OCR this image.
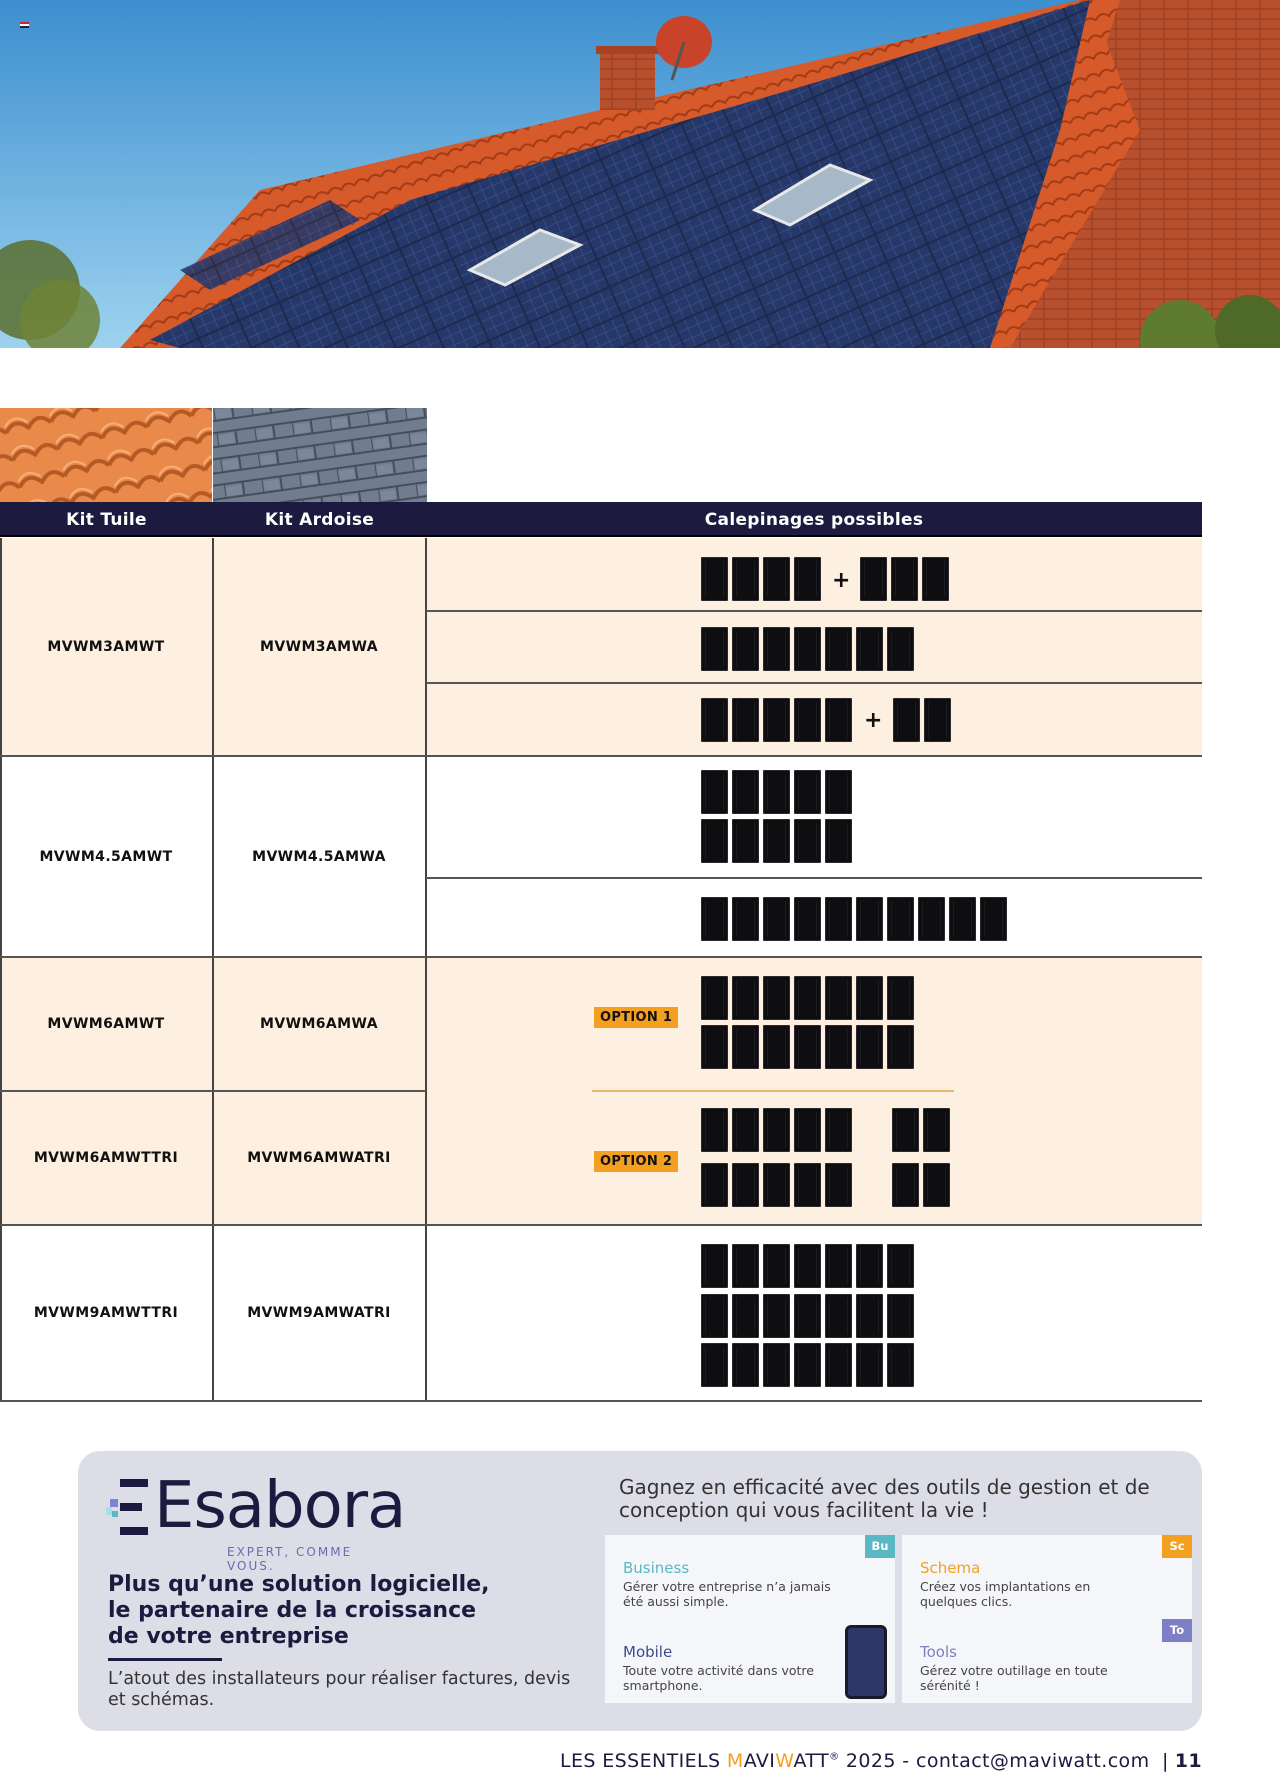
Kit Tuile	Kit Ardoise	Calepinages possibles
MVWM3AMWT	MVWM3AMWA
MVWM4.5AMWT	MVWM4.5AMWA
MVWM6AMWT	MVWM6AMWA
MVWM6AMWTTRI	MVWM6AMWATRI
MVWM9AMWTTRI	MVWM9AMWATRI
+
+
OPTION 1
OPTION 2
Esabora
EXPERT, COMME VOUS.
Plus qu’une solution logicielle,
le partenaire de la croissance
de votre entreprise
L’atout des installateurs pour réaliser factures, devis et schémas.
Gagnez en efficacité avec des outils de gestion et de conception qui vous facilitent la vie !
Business
Gérer votre entreprise n’a jamais été aussi simple.
Bu
Schema
Créez vos implantations en quelques clics.
Sc
Mobile
Toute votre activité dans votre smartphone.
Tools
Gérez votre outillage en toute sérénité !
To
LES ESSENTIELS MAVIWATT® 2025 - contact@maviwatt.com | 11
